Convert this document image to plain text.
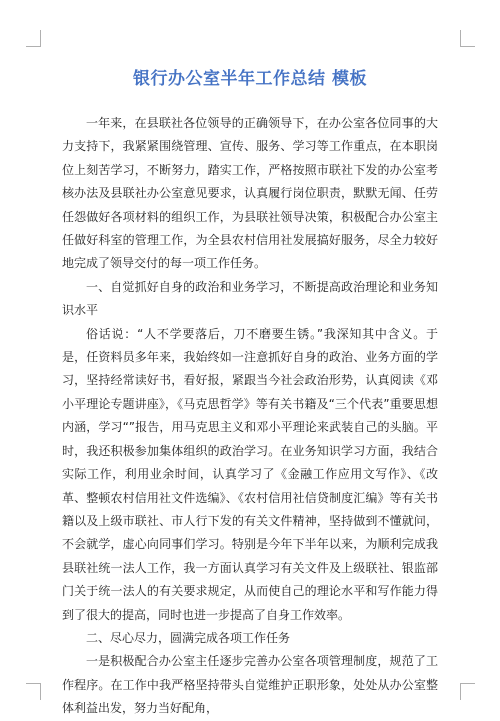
银行办公室半年工作总结 模板

一年来，在县联社各位领导的正确领导下，在办公室各位同事的大力支持下，我紧紧围绕管理、宣传、服务、学习等工作重点，在本职岗位上刻苦学习，不断努力，踏实工作，严格按照市联社下发的办公室考核办法及县联社办公室意见要求，认真履行岗位职责，默默无闻、任劳任怨做好各项材料的组织工作，为县联社领导决策，积极配合办公室主任做好科室的管理工作，为全县农村信用社发展搞好服务，尽全力较好地完成了领导交付的每一项工作任务。

一、自觉抓好自身的政治和业务学习，不断提高政治理论和业务知识水平

俗话说：“人不学要落后，刀不磨要生锈。”我深知其中含义。于是，任资料员多年来，我始终如一注意抓好自身的政治、业务方面的学习，坚持经常读好书，看好报，紧跟当今社会政治形势，认真阅读《邓小平理论专题讲座》，《马克思哲学》等有关书籍及“三个代表”重要思想内涵，学习“”报告，用马克思主义和邓小平理论来武装自己的头脑。平时，我还积极参加集体组织的政治学习。在业务知识学习方面，我结合实际工作，利用业余时间，认真学习了《金融工作应用文写作》、《改革、整顿农村信用社文件选编》、《农村信用社信贷制度汇编》等有关书籍以及上级市联社、市人行下发的有关文件精神，坚持做到不懂就问，不会就学，虚心向同事们学习。特别是今年下半年以来，为顺利完成我县联社统一法人工作，我一方面认真学习有关文件及上级联社、银监部门关于统一法人的有关要求规定，从而使自己的理论水平和写作能力得到了很大的提高，同时也进一步提高了自身工作效率。

二、尽心尽力，圆满完成各项工作任务

一是积极配合办公室主任逐步完善办公室各项管理制度，规范了工作程序。在工作中我严格坚持带头自觉维护正职形象，处处从办公室整体利益出发，努力当好配角，
